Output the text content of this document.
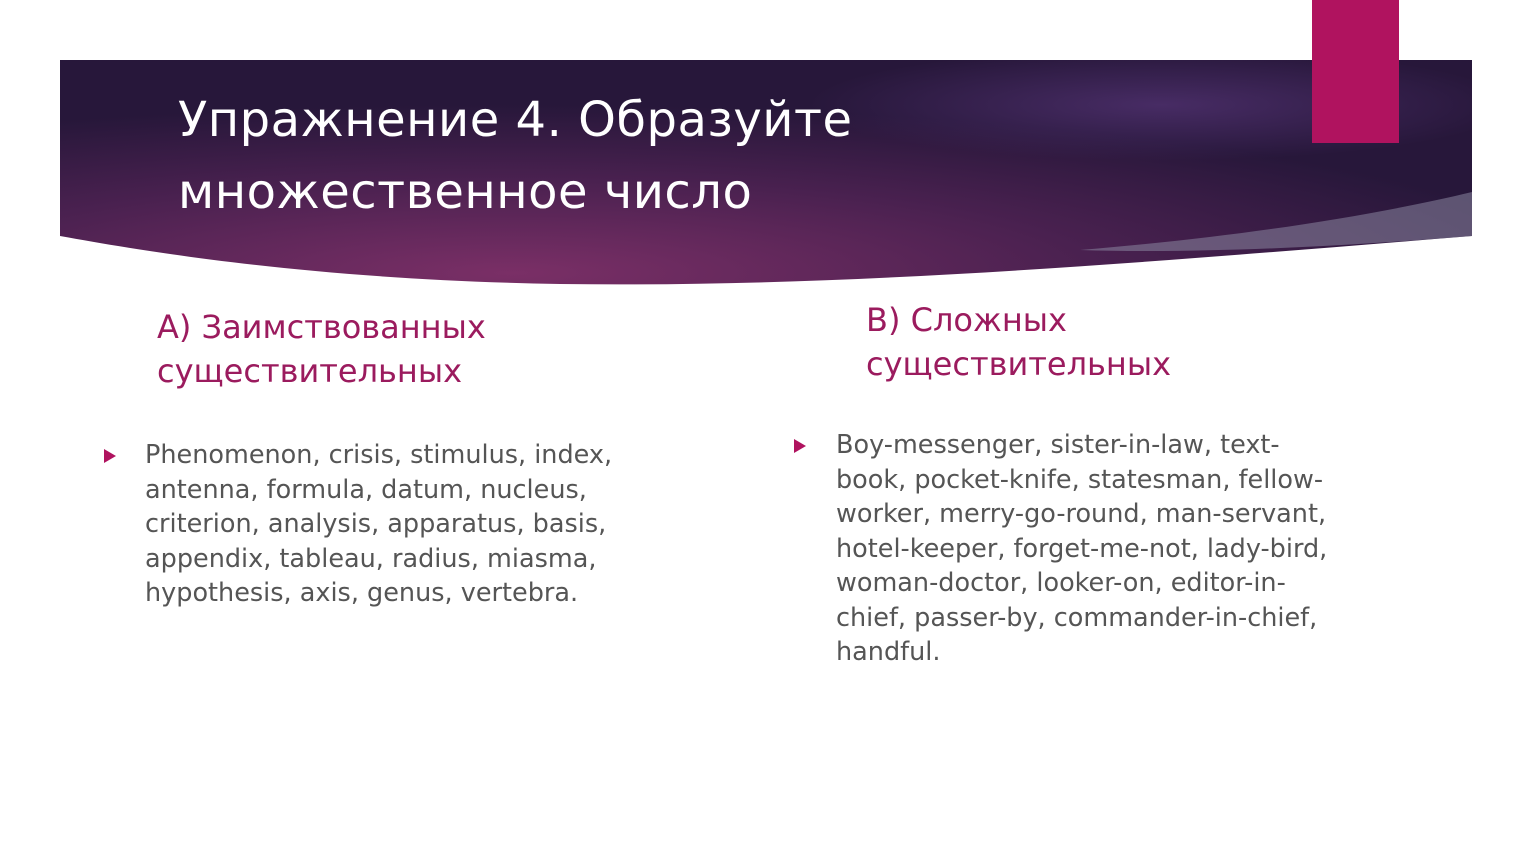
Упражнение 4. Образуйте
множественное число
А) Заимствованных
существительных
В) Сложных
существительных
Phenomenon, crisis, stimulus, index,
antenna, formula, datum, nucleus,
criterion, analysis, apparatus, basis,
appendix, tableau, radius, miasma,
hypothesis, axis, genus, vertebra.
Boy-messenger, sister-in-law, text-
book, pocket-knife, statesman, fellow-
worker, merry-go-round, man-servant,
hotel-keeper, forget-me-not, lady-bird,
woman-doctor, looker-on, editor-in-
chief, passer-by, commander-in-chief,
handful.
